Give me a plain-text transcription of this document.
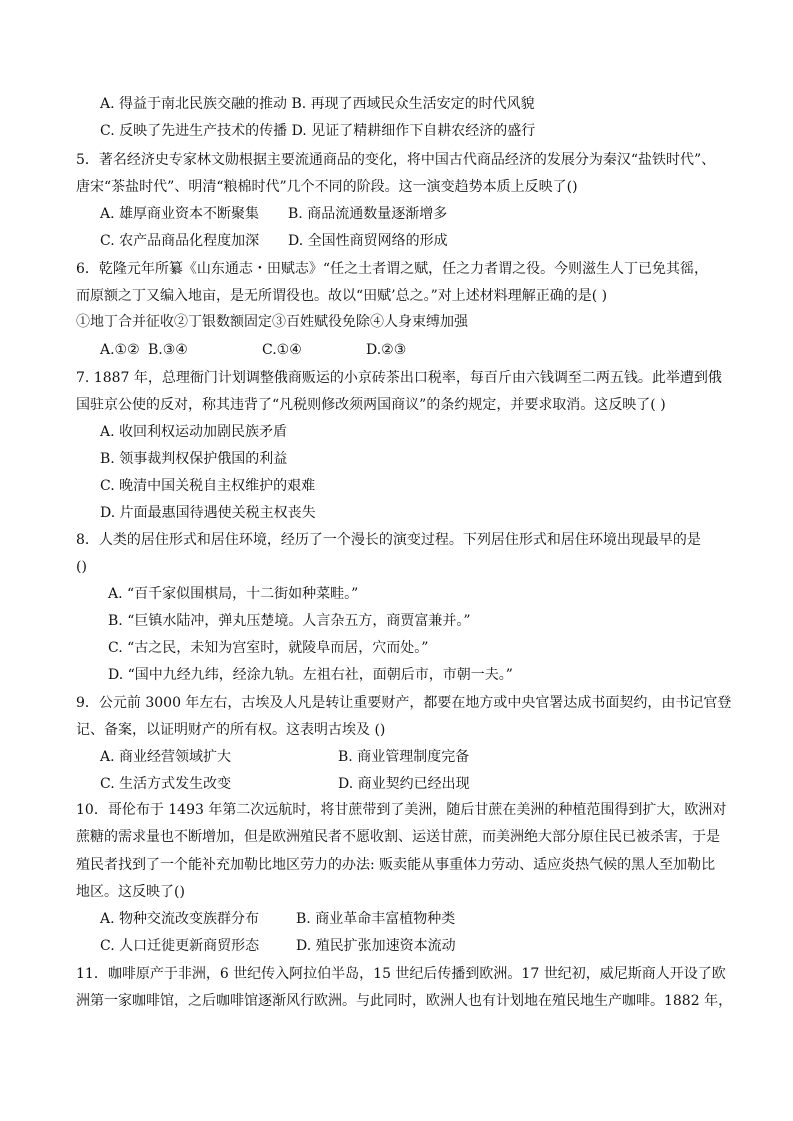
A. 得益于南北民族交融的推动 B. 再现了西域民众生活安定的时代风貌
C. 反映了先进生产技术的传播 D. 见证了精耕细作下自耕农经济的盛行
5．著名经济史专家林文勋根据主要流通商品的变化，将中国古代商品经济的发展分为秦汉“盐铁时代”、
唐宋“茶盐时代”、明清“粮棉时代”几个不同的阶段。这一演变趋势本质上反映了()
A. 雄厚商业资本不断聚集 B. 商品流通数量逐渐增多
C. 农产品商品化程度加深 D. 全国性商贸网络的形成
6．乾隆元年所纂《山东通志・田赋志》“任之土者谓之赋，任之力者谓之役。今则滋生人丁已免其徭，
而原额之丁又编入地亩，是无所谓役也。故以“田赋’总之。”对上述材料理解正确的是( )
①地丁合并征收②丁银数额固定③百姓赋役免除④人身束缚加强
A.①② B.③④	C.①④	D.②③
7. 1887 年，总理衙门计划调整俄商贩运的小京砖茶出口税率，每百斤由六钱调至二两五钱。此举遭到俄
国驻京公使的反对，称其违背了“凡税则修改须两国商议”的条约规定，并要求取消。这反映了( )
A. 收回利权运动加剧民族矛盾
B. 领事裁判权保护俄国的利益
C. 晚清中国关税自主权维护的艰难
D. 片面最惠国待遇使关税主权丧失
8．人类的居住形式和居住环境，经历了一个漫长的演变过程。下列居住形式和居住环境出现最早的是
()
A. “百千家似围棋局，十二街如种菜畦。”
B. “巨镇水陆冲，弹丸压楚境。人言杂五方，商贾富兼并。”
C. “古之民，未知为宫室时，就陵阜而居，穴而处。”
D. “国中九经九纬，经涂九轨。左祖右社，面朝后市，市朝一夫。”
9．公元前 3000 年左右，古埃及人凡是转让重要财产，都要在地方或中央官署达成书面契约，由书记官登
记、备案，以证明财产的所有权。这表明古埃及 ()
A. 商业经营领域扩大	B. 商业管理制度完备
C. 生活方式发生改变	D. 商业契约已经出现
10．哥伦布于 1493 年第二次远航时，将甘蔗带到了美洲，随后甘蔗在美洲的种植范围得到扩大，欧洲对
蔗糖的需求量也不断增加，但是欧洲殖民者不愿收割、运送甘蔗，而美洲绝大部分原住民已被杀害，于是
殖民者找到了一个能补充加勒比地区劳力的办法: 贩卖能从事重体力劳动、适应炎热气候的黑人至加勒比
地区。这反映了()
A. 物种交流改变族群分布	B. 商业革命丰富植物种类
C. 人口迁徙更新商贸形态	D. 殖民扩张加速资本流动
11．咖啡原产于非洲，6 世纪传入阿拉伯半岛，15 世纪后传播到欧洲。17 世纪初，威尼斯商人开设了欧
洲第一家咖啡馆，之后咖啡馆逐渐风行欧洲。与此同时，欧洲人也有计划地在殖民地生产咖啡。1882 年，
